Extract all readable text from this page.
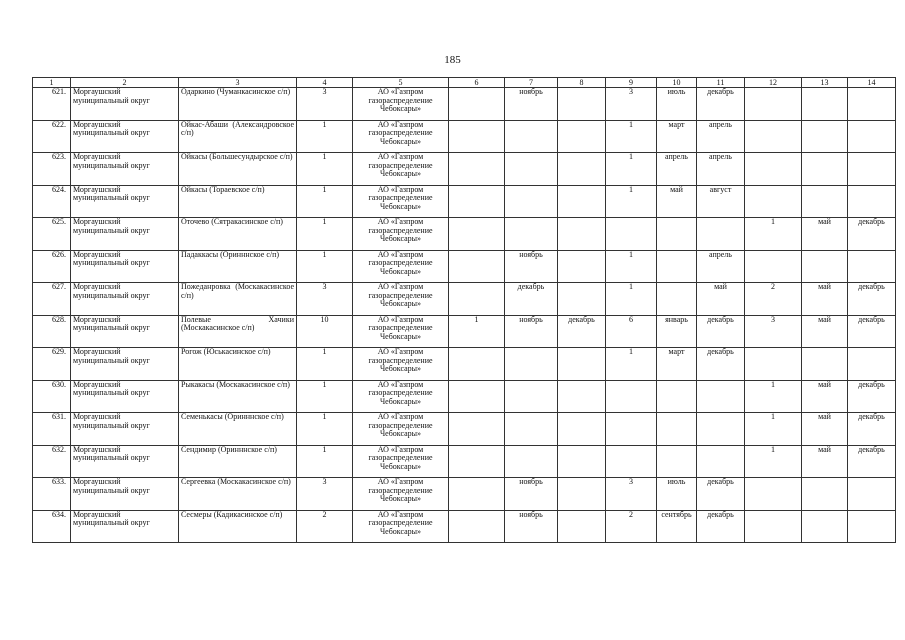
185
1	2	3	4	5	6	7	8	9	10	11	12	13	14
621.	Моргаушский муниципальный округ	Одаркино (Чуманкасинское с/п)	3	АО «Газпром газораспределение Чебоксары»		ноябрь		3	июль	декабрь			
622.	Моргаушский муниципальный округ	Ойкас-Абаши (Александровское с/п)	1	АО «Газпром газораспределение Чебоксары»				1	март	апрель			
623.	Моргаушский муниципальный округ	Ойкасы (Большесундырское с/п)	1	АО «Газпром газораспределение Чебоксары»				1	апрель	апрель			
624.	Моргаушский муниципальный округ	Ойкасы (Тораевское с/п)	1	АО «Газпром газораспределение Чебоксары»				1	май	август			
625.	Моргаушский муниципальный округ	Оточево (Сятракасинское с/п)	1	АО «Газпром газораспределение Чебоксары»							1	май	декабрь
626.	Моргаушский муниципальный округ	Падаккасы (Оринннское с/п)	1	АО «Газпром газораспределение Чебоксары»		ноябрь		1		апрель			
627.	Моргаушский муниципальный округ	Пожеданровка (Москакасинское с/п)	3	АО «Газпром газораспределение Чебоксары»		декабрь		1		май	2	май	декабрь
628.	Моргаушский муниципальный округ	Полевые Хачики (Москакасинское с/п)	10	АО «Газпром газораспределение Чебоксары»	1	ноябрь	декабрь	6	январь	декабрь	3	май	декабрь
629.	Моргаушский муниципальный округ	Рогож (Юськасинское с/п)	1	АО «Газпром газораспределение Чебоксары»				1	март	декабрь			
630.	Моргаушский муниципальный округ	Рыкакасы (Москакасинское с/п)	1	АО «Газпром газораспределение Чебоксары»							1	май	декабрь
631.	Моргаушский муниципальный округ	Семенькасы (Оринннское с/п)	1	АО «Газпром газораспределение Чебоксары»							1	май	декабрь
632.	Моргаушский муниципальный округ	Сендимир (Оринннское с/п)	1	АО «Газпром газораспределение Чебоксары»							1	май	декабрь
633.	Моргаушский муниципальный округ	Сергеевка (Москакасинское с/п)	3	АО «Газпром газораспределение Чебоксары»		ноябрь		3	июль	декабрь			
634.	Моргаушский муниципальный округ	Сесмеры (Кадикасинское с/п)	2	АО «Газпром газораспределение Чебоксары»		ноябрь		2	сентябрь	декабрь			
